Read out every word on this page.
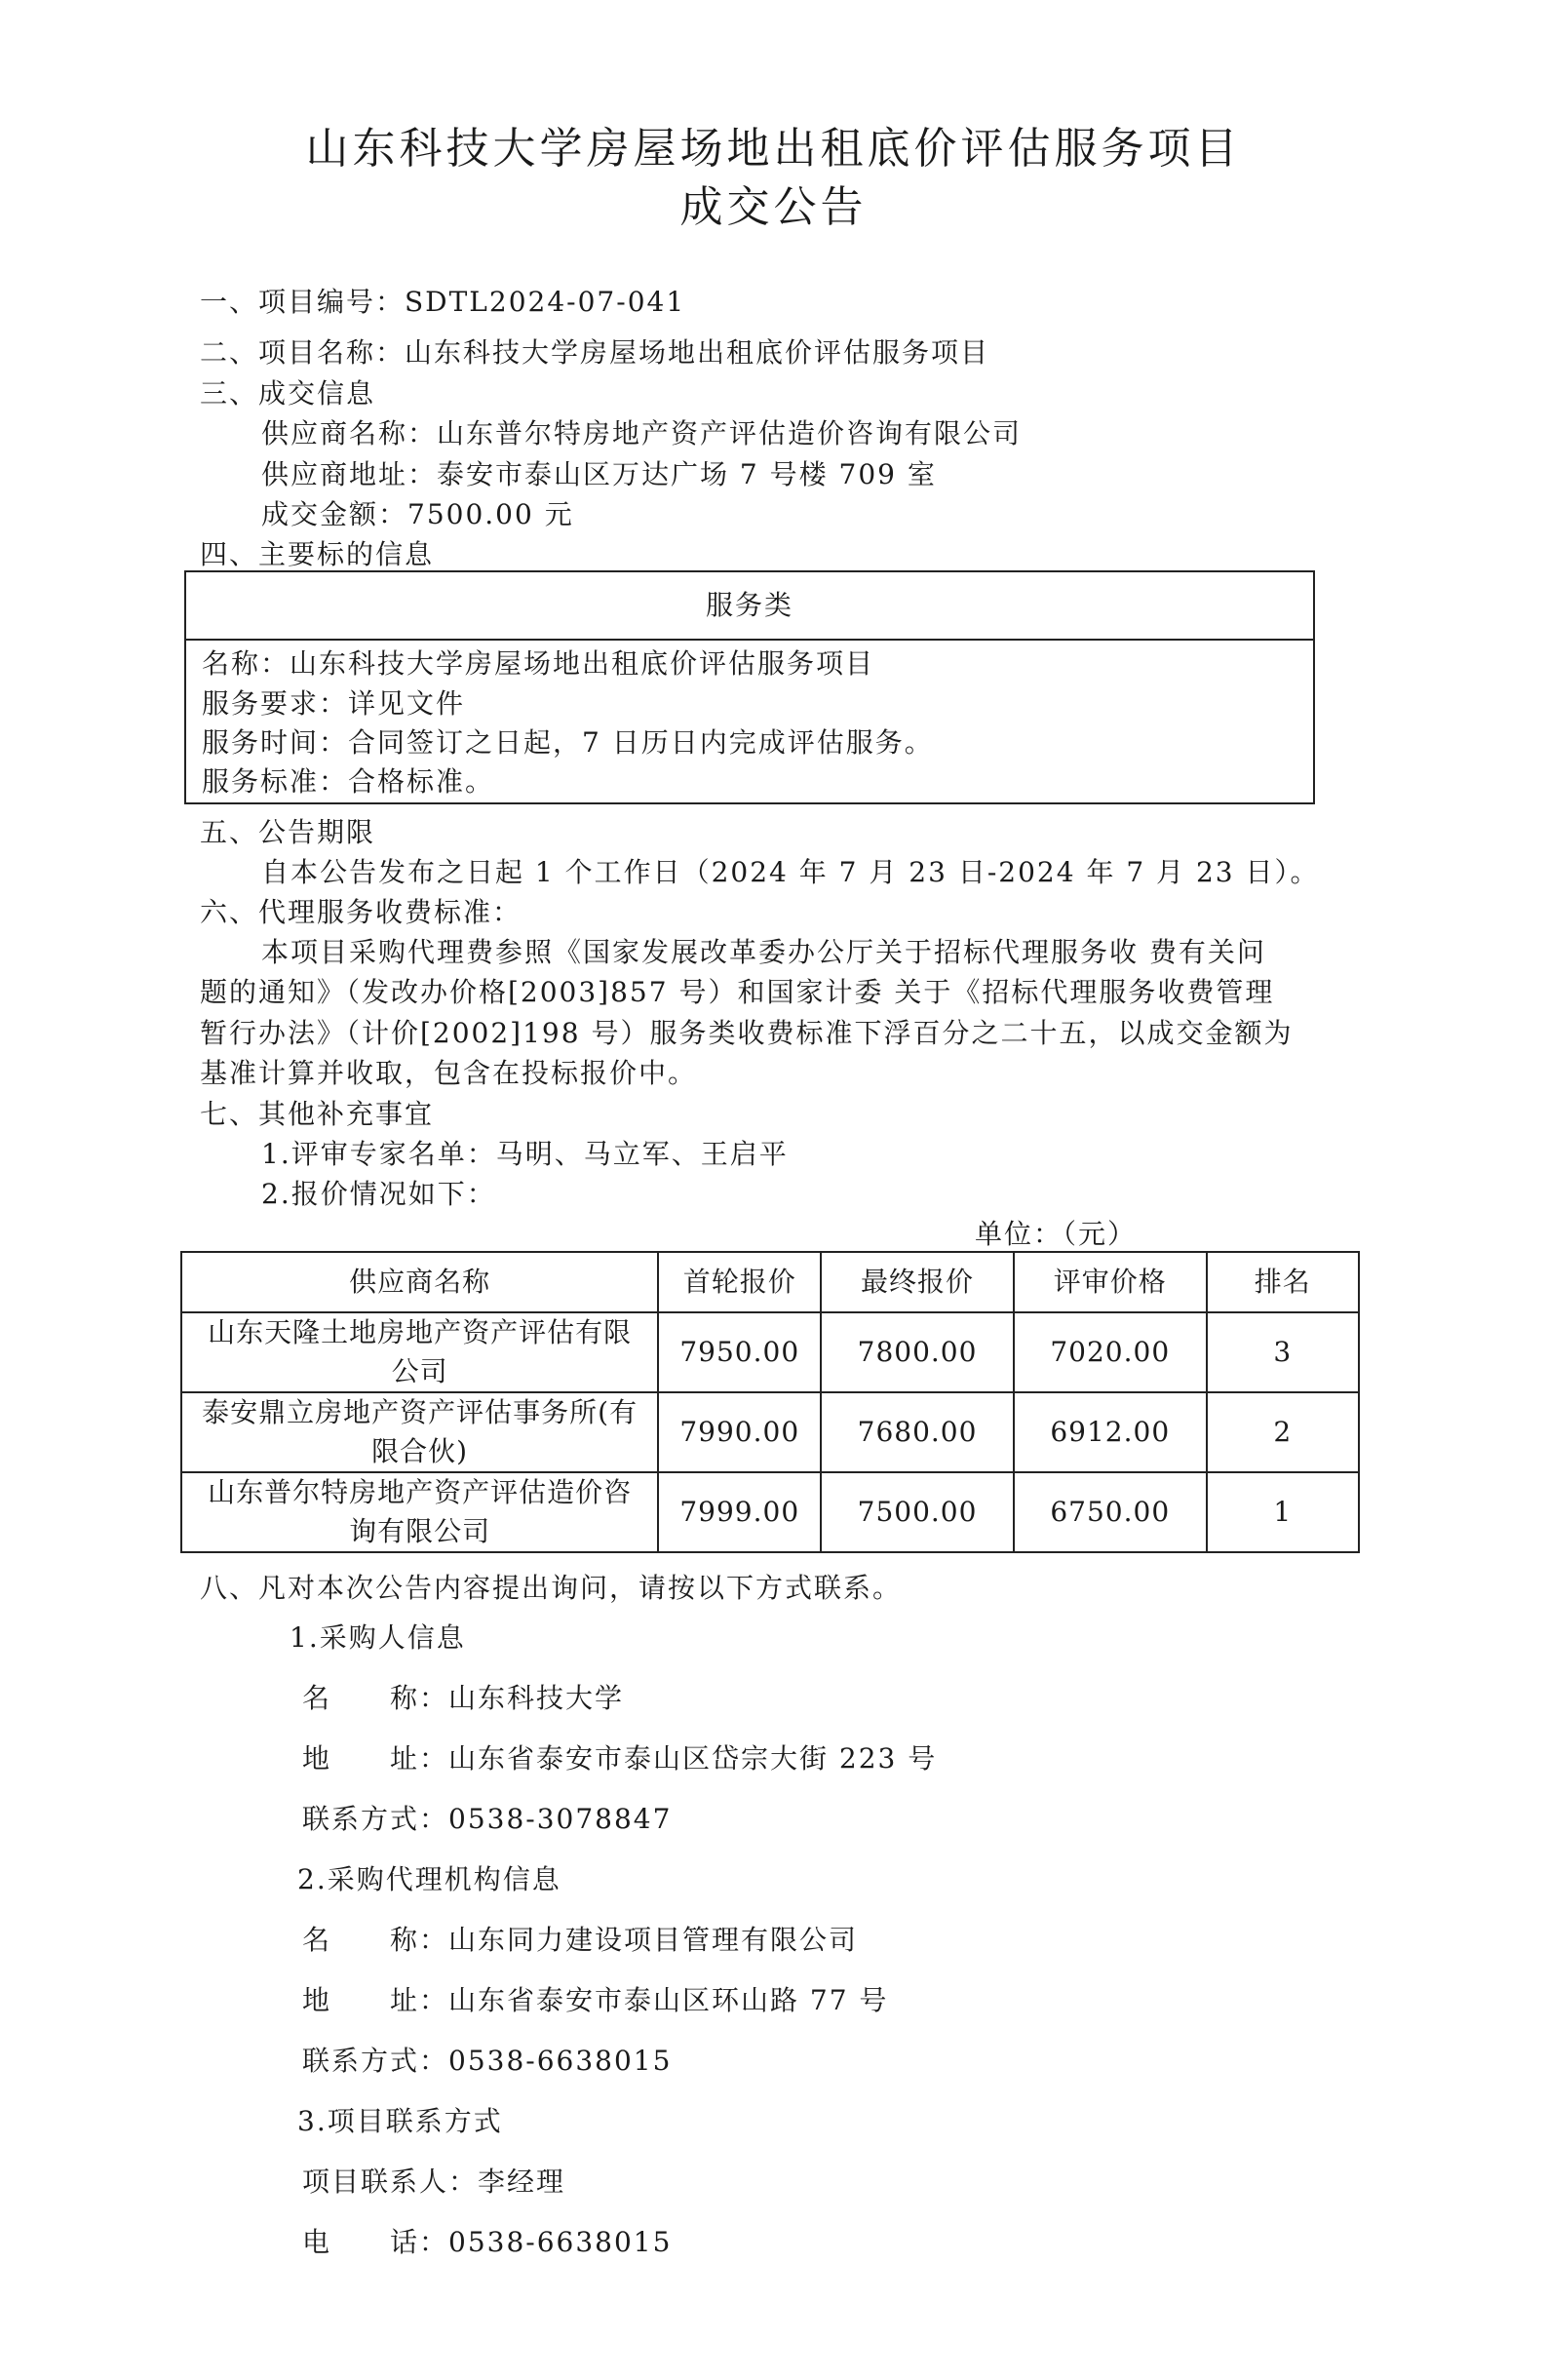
山东科技大学房屋场地出租底价评估服务项目
成交公告
一、项目编号：SDTL2024-07-041
二、项目名称：山东科技大学房屋场地出租底价评估服务项目
三、成交信息
供应商名称：山东普尔特房地产资产评估造价咨询有限公司
供应商地址：泰安市泰山区万达广场 7 号楼 709 室
成交金额：7500.00 元
四、主要标的信息
服务类
名称：山东科技大学房屋场地出租底价评估服务项目
服务要求：详见文件
服务时间：合同签订之日起，7 日历日内完成评估服务。
服务标准：合格标准。
五、公告期限
自本公告发布之日起 1 个工作日（2024 年 7 月 23 日-2024 年 7 月 23 日）。
六、代理服务收费标准：
本项目采购代理费参照《国家发展改革委办公厅关于招标代理服务收 费有关问
题的通知》（发改办价格[2003]857 号）和国家计委 关于《招标代理服务收费管理
暂行办法》（计价[2002]198 号）服务类收费标准下浮百分之二十五，以成交金额为
基准计算并收取，包含在投标报价中。
七、其他补充事宜
1.评审专家名单：马明、马立军、王启平
2.报价情况如下：
单位：（元）
供应商名称	首轮报价	最终报价	评审价格	排名
山东天隆土地房地产资产评估有限
公司	7950.00	7800.00	7020.00	3
泰安鼎立房地产资产评估事务所(有
限合伙)	7990.00	7680.00	6912.00	2
山东普尔特房地产资产评估造价咨
询有限公司	7999.00	7500.00	6750.00	1
八、凡对本次公告内容提出询问，请按以下方式联系。
1.采购人信息
名　　称：山东科技大学
地　　址：山东省泰安市泰山区岱宗大街 223 号
联系方式：0538-3078847
2.采购代理机构信息
名　　称：山东同力建设项目管理有限公司
地　　址：山东省泰安市泰山区环山路 77 号
联系方式：0538-6638015
3.项目联系方式
项目联系人：李经理
电　　话：0538-6638015
